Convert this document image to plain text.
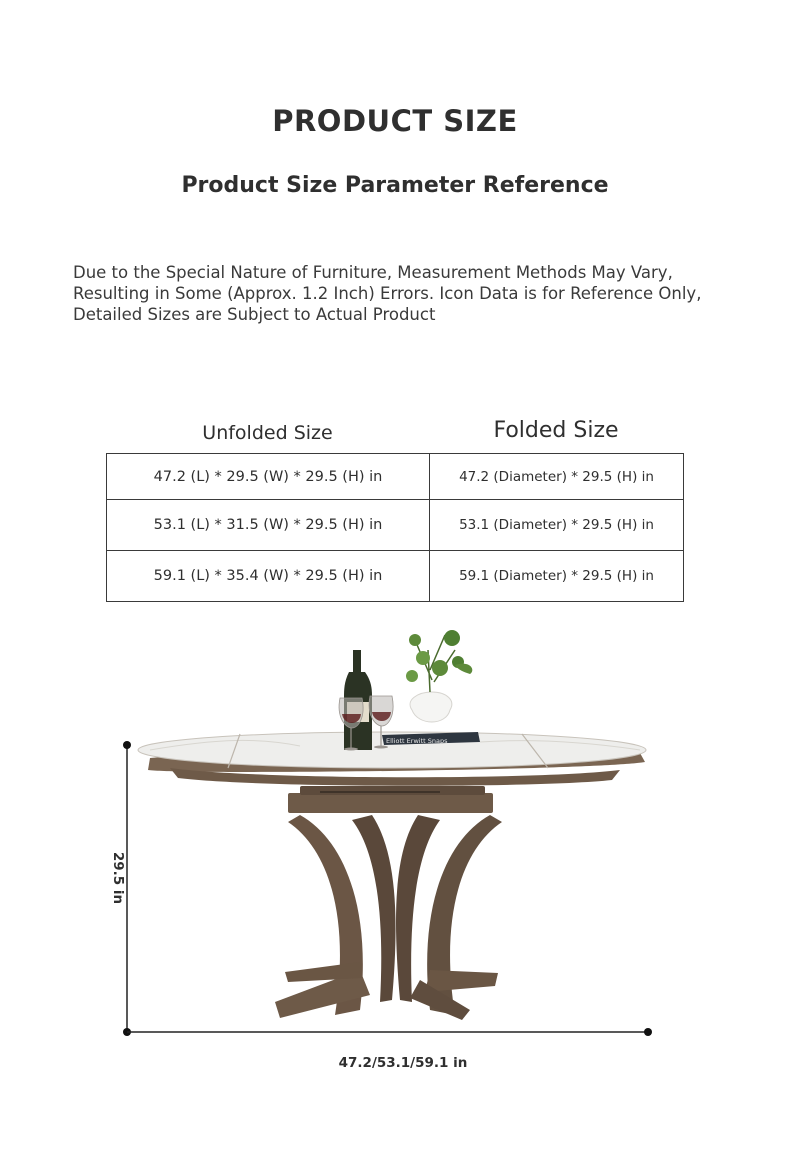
PRODUCT SIZE
Product Size Parameter Reference
Due to the Special Nature of Furniture, Measurement Methods May Vary,
Resulting in Some (Approx. 1.2 Inch) Errors. Icon Data is for Reference Only,
Detailed Sizes are Subject to Actual Product
Unfolded Size	Folded Size
47.2 (L) * 29.5 (W) * 29.5 (H) in	47.2 (Diameter) * 29.5 (H) in
53.1 (L) * 31.5 (W) * 29.5 (H) in	53.1 (Diameter) * 29.5 (H) in
59.1 (L) * 35.4 (W) * 29.5 (H) in	59.1 (Diameter) * 29.5 (H) in
Elliott Erwitt Snaps
29.5 in
47.2/53.1/59.1 in
